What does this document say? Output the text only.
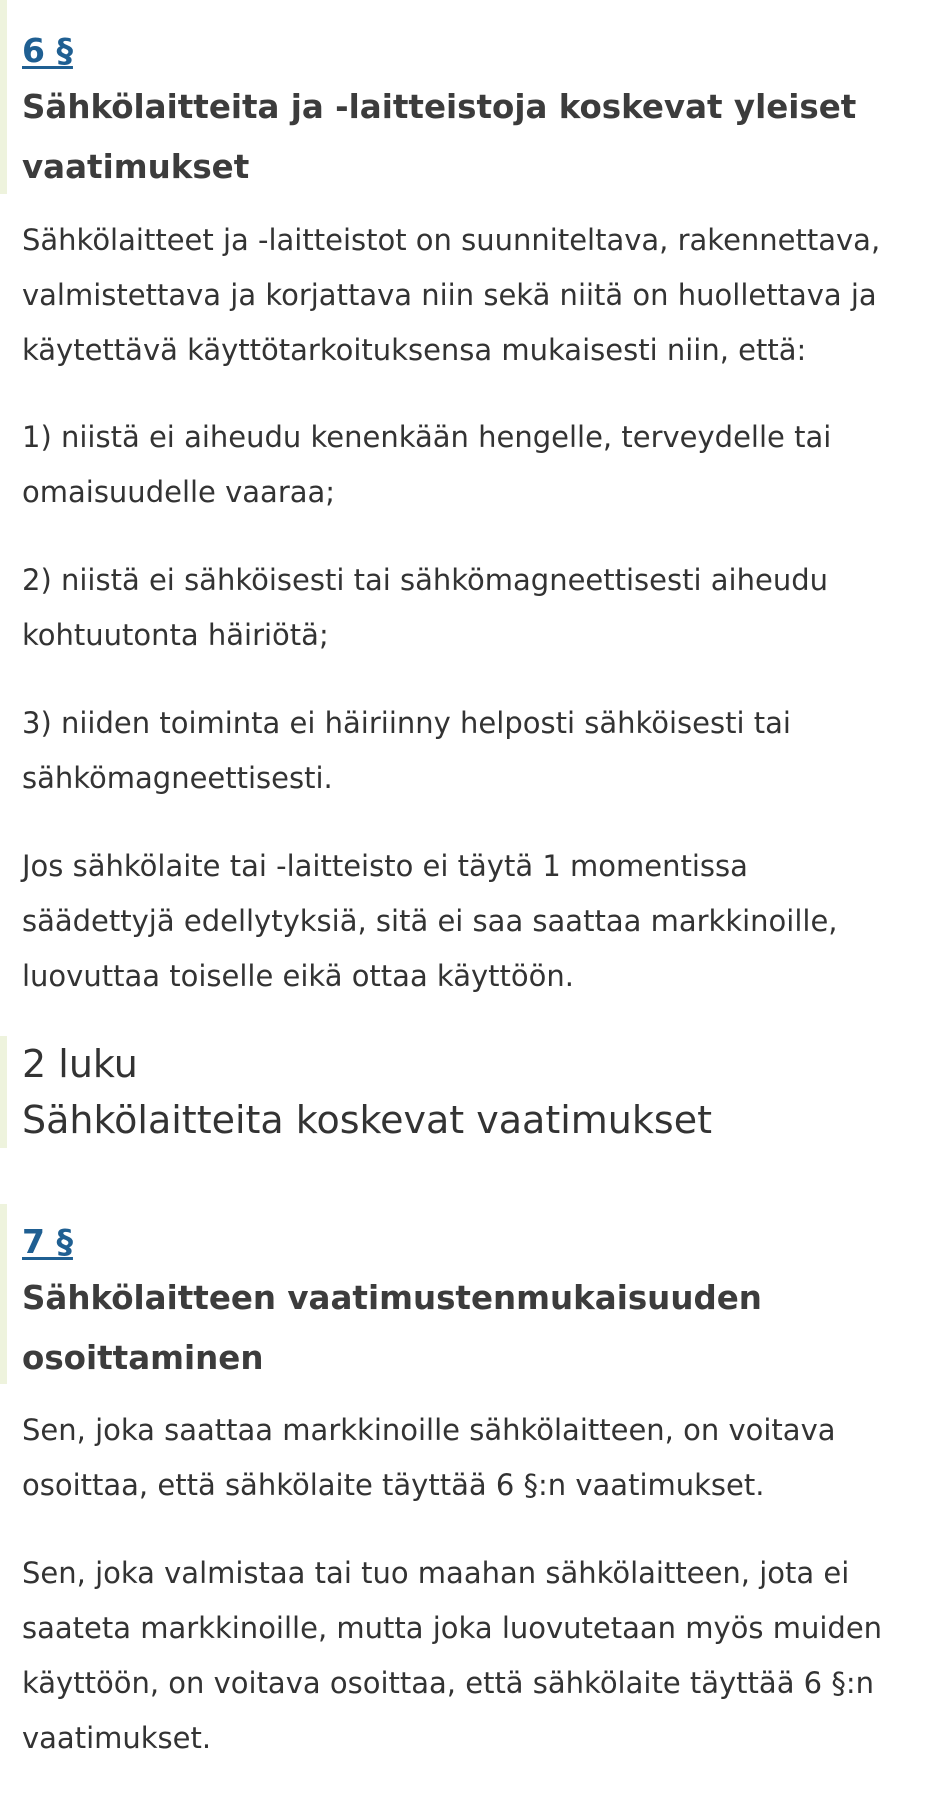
6 §
Sähkölaitteita ja -laitteistoja koskevat yleiset
vaatimukset

Sähkölaitteet ja -laitteistot on suunniteltava, rakennettava,
valmistettava ja korjattava niin sekä niitä on huollettava ja
käytettävä käyttötarkoituksensa mukaisesti niin, että:

1) niistä ei aiheudu kenenkään hengelle, terveydelle tai
omaisuudelle vaaraa;

2) niistä ei sähköisesti tai sähkömagneettisesti aiheudu
kohtuutonta häiriötä;

3) niiden toiminta ei häiriinny helposti sähköisesti tai
sähkömagneettisesti.

Jos sähkölaite tai -laitteisto ei täytä 1 momentissa
säädettyjä edellytyksiä, sitä ei saa saattaa markkinoille,
luovuttaa toiselle eikä ottaa käyttöön.

2 luku
Sähkölaitteita koskevat vaatimukset
7 §
Sähkölaitteen vaatimustenmukaisuuden
osoittaminen

Sen, joka saattaa markkinoille sähkölaitteen, on voitava
osoittaa, että sähkölaite täyttää 6 §:n vaatimukset.

Sen, joka valmistaa tai tuo maahan sähkölaitteen, jota ei
saateta markkinoille, mutta joka luovutetaan myös muiden
käyttöön, on voitava osoittaa, että sähkölaite täyttää 6 §:n
vaatimukset.
